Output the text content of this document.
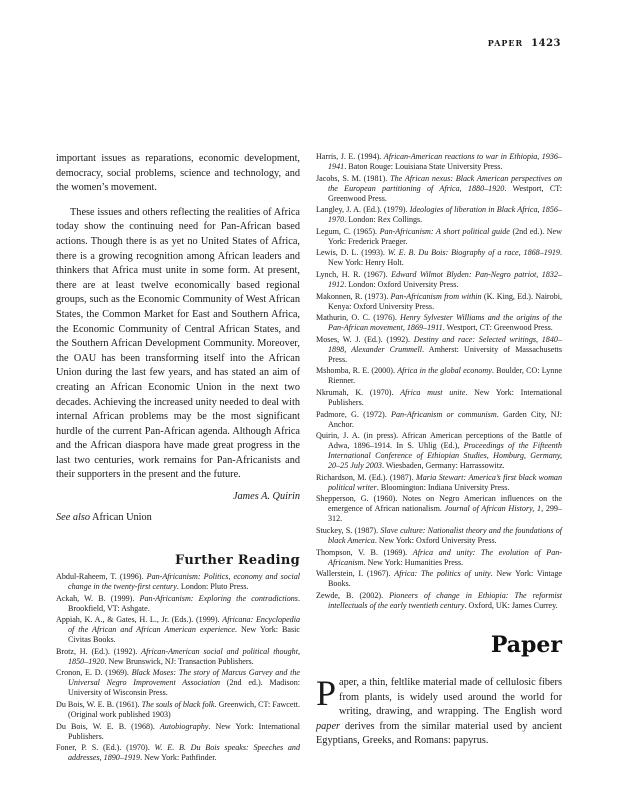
PAPER 1423

important issues as reparations, economic development, democracy, social problems, science and technology, and the women’s movement.

These issues and others reflecting the realities of Africa today show the continuing need for Pan-African based actions. Though there is as yet no United States of Africa, there is a growing recognition among African leaders and thinkers that Africa must unite in some form. At present, there are at least twelve economically based regional groups, such as the Economic Community of West African States, the Common Market for East and Southern Africa, the Economic Community of Central African States, and the Southern African Development Community. Moreover, the OAU has been transforming itself into the African Union during the last few years, and has stated an aim of creating an African Economic Union in the next two decades. Achieving the increased unity needed to deal with internal African problems may be the most significant hurdle of the current Pan-African agenda. Although Africa and the African diaspora have made great progress in the last two centuries, work remains for Pan-Africanists and their supporters in the present and the future.

James A. Quirin
See also African Union
Further Reading
Abdul-Raheem, T. (1996). Pan-Africanism: Politics, economy and social change in the twenty-first century. London: Pluto Press.
Ackah, W. B. (1999). Pan-Africanism: Exploring the contradictions. Brookfield, VT: Ashgate.
Appiah, K. A., & Gates, H. L., Jr. (Eds.). (1999). Africana: Encyclopedia of the African and African American experience. New York: Basic Civitas Books.
Brotz, H. (Ed.). (1992). African-American social and political thought, 1850–1920. New Brunswick, NJ: Transaction Publishers.
Cronon, E. D. (1969). Black Moses: The story of Marcus Garvey and the Universal Negro Improvement Association (2nd ed.). Madison: University of Wisconsin Press.
Du Bois, W. E. B. (1961). The souls of black folk. Greenwich, CT: Fawcett. (Original work published 1903)
Du Bois, W. E. B. (1968). Autobiography. New York: International Publishers.
Foner, P. S. (Ed.). (1970). W. E. B. Du Bois speaks: Speeches and addresses, 1890–1919. New York: Pathfinder.
Harris, J. E. (1994). African-American reactions to war in Ethiopia, 1936–1941. Baton Rouge: Louisiana State University Press.
Jacobs, S. M. (1981). The African nexus: Black American perspectives on the European partitioning of Africa, 1880–1920. Westport, CT: Greenwood Press.
Langley, J. A. (Ed.). (1979). Ideologies of liberation in Black Africa, 1856–1970. London: Rex Collings.
Legum, C. (1965). Pan-Africanism: A short political guide (2nd ed.). New York: Frederick Praeger.
Lewis, D. L. (1993). W. E. B. Du Bois: Biography of a race, 1868–1919. New York: Henry Holt.
Lynch, H. R. (1967). Edward Wilmot Blyden: Pan-Negro patriot, 1832–1912. London: Oxford University Press.
Makonnen, R. (1973). Pan-Africanism from within (K. King, Ed.). Nairobi, Kenya: Oxford University Press.
Mathurin, O. C. (1976). Henry Sylvester Williams and the origins of the Pan-African movement, 1869–1911. Westport, CT: Greenwood Press.
Moses, W. J. (Ed.). (1992). Destiny and race: Selected writings, 1840–1898, Alexander Crummell. Amherst: University of Massachusetts Press.
Mshomba, R. E. (2000). Africa in the global economy. Boulder, CO: Lynne Rienner.
Nkrumah, K. (1970). Africa must unite. New York: International Publishers.
Padmore, G. (1972). Pan-Africanism or communism. Garden City, NJ: Anchor.
Quirin, J. A. (in press). African American perceptions of the Battle of Adwa, 1896–1914. In S. Uhlig (Ed.), Proceedings of the Fifteenth International Conference of Ethiopian Studies, Homburg, Germany, 20–25 July 2003. Wiesbaden, Germany: Harrassowitz.
Richardson, M. (Ed.). (1987). Maria Stewart: America’s first black woman political writer. Bloomington: Indiana University Press.
Shepperson, G. (1960). Notes on Negro American influences on the emergence of African nationalism. Journal of African History, 1, 299–312.
Stuckey, S. (1987). Slave culture: Nationalist theory and the foundations of black America. New York: Oxford University Press.
Thompson, V. B. (1969). Africa and unity: The evolution of Pan-Africanism. New York: Humanities Press.
Wallerstein, I. (1967). Africa: The politics of unity. New York: Vintage Books.
Zewde, B. (2002). Pioneers of change in Ethiopia: The reformist intellectuals of the early twentieth century. Oxford, UK: James Currey.
Paper

Paper, a thin, feltlike material made of cellulosic fibers from plants, is widely used around the world for writing, drawing, and wrapping. The English word paper derives from the similar material used by ancient Egyptians, Greeks, and Romans: papyrus.
